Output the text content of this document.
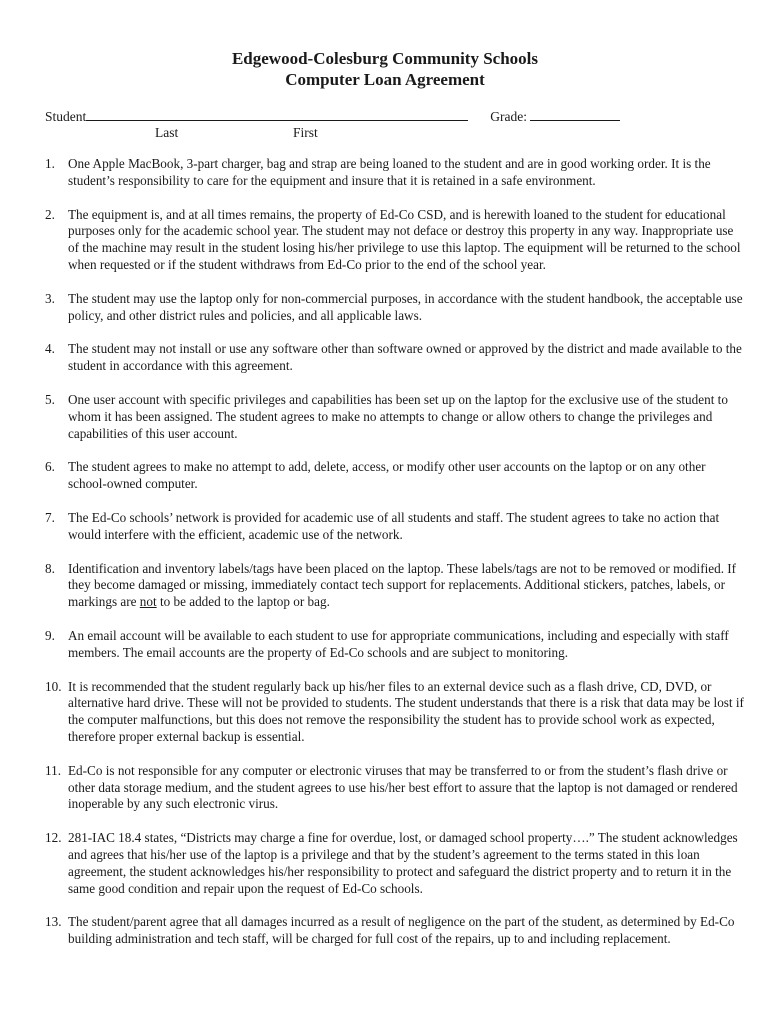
Edgewood-Colesburg Community Schools
Computer Loan Agreement
Student	Grade:
Last	First
1. One Apple MacBook, 3-part charger, bag and strap are being loaned to the student and are in good working order. It is the student’s responsibility to care for the equipment and insure that it is retained in a safe environment.
2. The equipment is, and at all times remains, the property of Ed-Co CSD, and is herewith loaned to the student for educational purposes only for the academic school year. The student may not deface or destroy this property in any way. Inappropriate use of the machine may result in the student losing his/her privilege to use this laptop. The equipment will be returned to the school when requested or if the student withdraws from Ed-Co prior to the end of the school year.
3. The student may use the laptop only for non-commercial purposes, in accordance with the student handbook, the acceptable use policy, and other district rules and policies, and all applicable laws.
4. The student may not install or use any software other than software owned or approved by the district and made available to the student in accordance with this agreement.
5. One user account with specific privileges and capabilities has been set up on the laptop for the exclusive use of the student to whom it has been assigned. The student agrees to make no attempts to change or allow others to change the privileges and capabilities of this user account.
6. The student agrees to make no attempt to add, delete, access, or modify other user accounts on the laptop or on any other school-owned computer.
7. The Ed-Co schools’ network is provided for academic use of all students and staff. The student agrees to take no action that would interfere with the efficient, academic use of the network.
8. Identification and inventory labels/tags have been placed on the laptop. These labels/tags are not to be removed or modified. If they become damaged or missing, immediately contact tech support for replacements. Additional stickers, patches, labels, or markings are not to be added to the laptop or bag.
9. An email account will be available to each student to use for appropriate communications, including and especially with staff members. The email accounts are the property of Ed-Co schools and are subject to monitoring.
10. It is recommended that the student regularly back up his/her files to an external device such as a flash drive, CD, DVD, or alternative hard drive. These will not be provided to students. The student understands that there is a risk that data may be lost if the computer malfunctions, but this does not remove the responsibility the student has to provide school work as expected, therefore proper external backup is essential.
11. Ed-Co is not responsible for any computer or electronic viruses that may be transferred to or from the student’s flash drive or other data storage medium, and the student agrees to use his/her best effort to assure that the laptop is not damaged or rendered inoperable by any such electronic virus.
12. 281-IAC 18.4 states, “Districts may charge a fine for overdue, lost, or damaged school property….” The student acknowledges and agrees that his/her use of the laptop is a privilege and that by the student’s agreement to the terms stated in this loan agreement, the student acknowledges his/her responsibility to protect and safeguard the district property and to return it in the same good condition and repair upon the request of Ed-Co schools.
13. The student/parent agree that all damages incurred as a result of negligence on the part of the student, as determined by Ed-Co building administration and tech staff, will be charged for full cost of the repairs, up to and including replacement.
